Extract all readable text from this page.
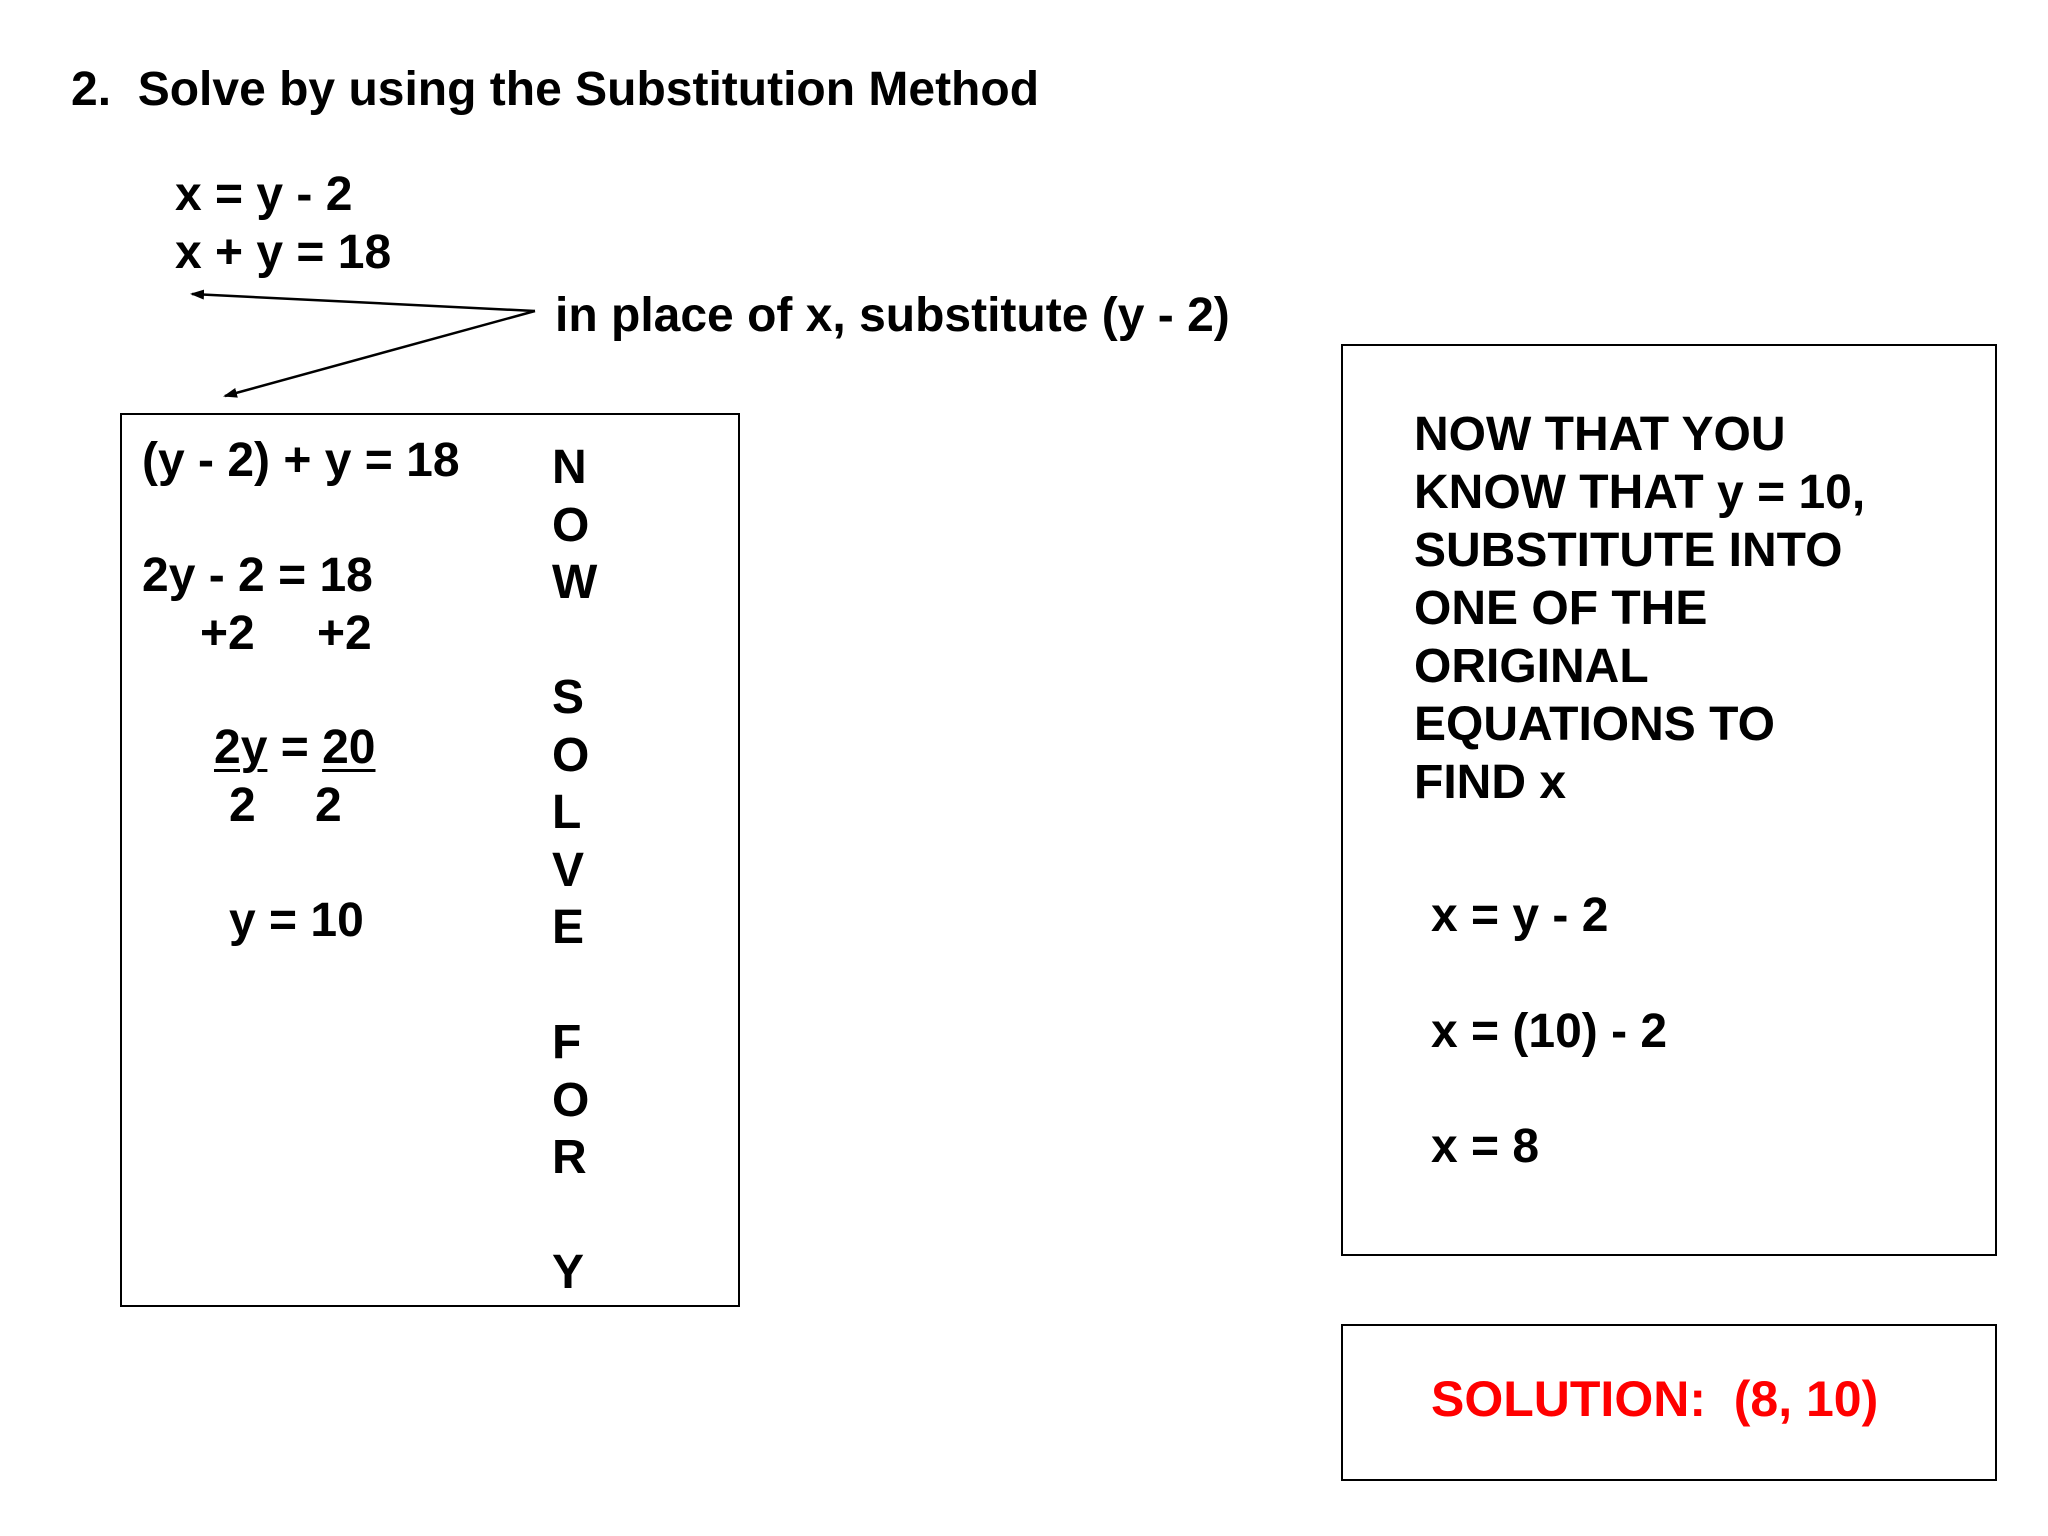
2.  Solve by using the Substitution Method
x = y - 2
x + y = 18
in place of x, substitute (y - 2)
(y - 2) + y = 18
2y - 2 = 18
+2 +2
2y = 20
2 2
y = 10
N
O
W
S
O
L
V
E
F
O
R
Y
NOW THAT YOU
KNOW THAT y = 10,
SUBSTITUTE INTO
ONE OF THE
ORIGINAL
EQUATIONS TO
FIND x
x = y - 2
x = (10) - 2
x = 8
SOLUTION:  (8, 10)
